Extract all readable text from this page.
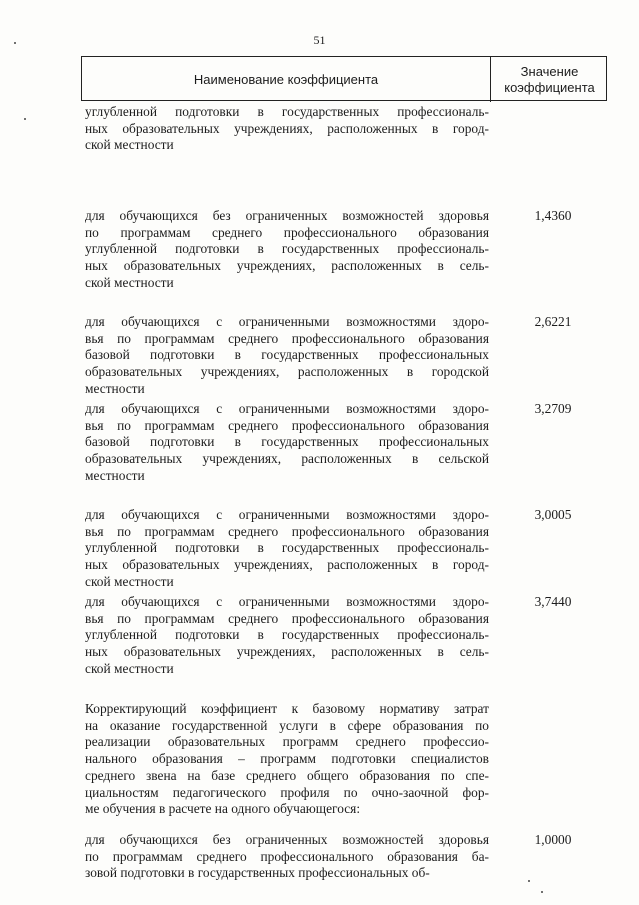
51
Наименование коэффициента
Значение коэффициента
углубленной подготовки в государственных профессиональ-
ных образовательных учреждениях, расположенных в город-
ской местности
для обучающихся без ограниченных возможностей здоровья
по программам среднего профессионального образования
углубленной подготовки в государственных профессиональ-
ных образовательных учреждениях, расположенных в сель-
ской местности
1,4360
для обучающихся с ограниченными возможностями здоро-
вья по программам среднего профессионального образования
базовой подготовки в государственных профессиональных
образовательных учреждениях, расположенных в городской
местности
2,6221
для обучающихся с ограниченными возможностями здоро-
вья по программам среднего профессионального образования
базовой подготовки в государственных профессиональных
образовательных учреждениях, расположенных в сельской
местности
3,2709
для обучающихся с ограниченными возможностями здоро-
вья по программам среднего профессионального образования
углубленной подготовки в государственных профессиональ-
ных образовательных учреждениях, расположенных в город-
ской местности
3,0005
для обучающихся с ограниченными возможностями здоро-
вья по программам среднего профессионального образования
углубленной подготовки в государственных профессиональ-
ных образовательных учреждениях, расположенных в сель-
ской местности
3,7440
Корректирующий коэффициент к базовому нормативу затрат
на оказание государственной услуги в сфере образования по
реализации образовательных программ среднего профессио-
нального образования – программ подготовки специалистов
среднего звена на базе среднего общего образования по спе-
циальностям педагогического профиля по очно-заочной фор-
ме обучения в расчете на одного обучающегося:
для обучающихся без ограниченных возможностей здоровья
по программам среднего профессионального образования ба-
зовой подготовки в государственных профессиональных об-
1,0000
